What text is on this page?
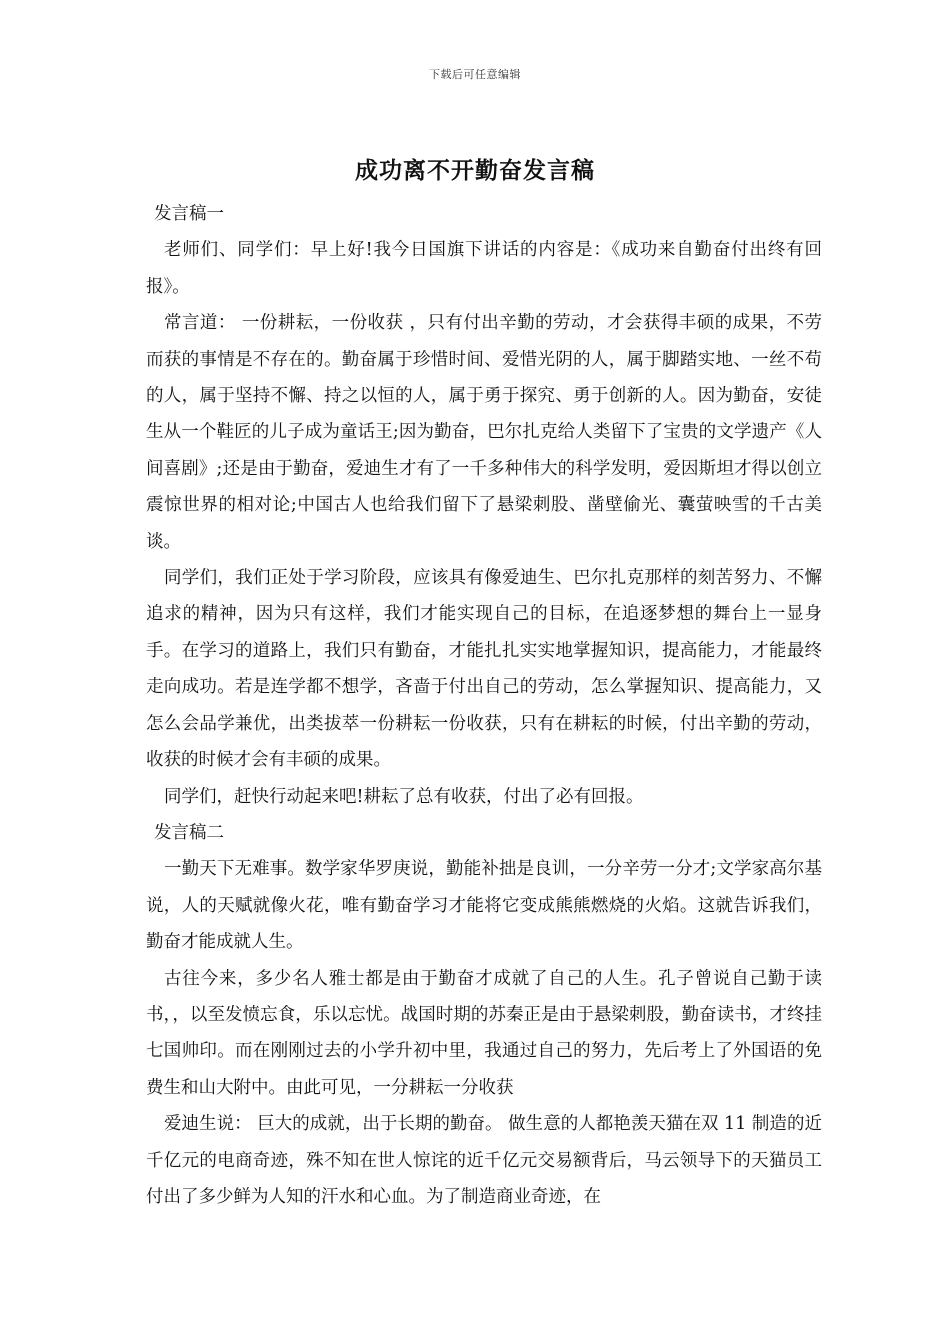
下载后可任意编辑
成功离不开勤奋发言稿

发言稿一

老师们、同学们：早上好!我今日国旗下讲话的内容是：《成功来自勤奋付出终有回报》。

常言道： 一份耕耘，一份收获 ，只有付出辛勤的劳动，才会获得丰硕的成果，不劳而获的事情是不存在的。勤奋属于珍惜时间、爱惜光阴的人，属于脚踏实地、一丝不苟的人，属于坚持不懈、持之以恒的人，属于勇于探究、勇于创新的人。因为勤奋，安徒生从一个鞋匠的儿子成为童话王;因为勤奋，巴尔扎克给人类留下了宝贵的文学遗产《人间喜剧》;还是由于勤奋，爱迪生才有了一千多种伟大的科学发明，爱因斯坦才得以创立震惊世界的相对论;中国古人也给我们留下了悬梁刺股、凿壁偷光、囊萤映雪的千古美谈。

同学们，我们正处于学习阶段，应该具有像爱迪生、巴尔扎克那样的刻苦努力、不懈追求的精神，因为只有这样，我们才能实现自己的目标，在追逐梦想的舞台上一显身手。在学习的道路上，我们只有勤奋，才能扎扎实实地掌握知识，提高能力，才能最终走向成功。若是连学都不想学，吝啬于付出自己的劳动，怎么掌握知识、提高能力，又怎么会品学兼优，出类拔萃一份耕耘一份收获，只有在耕耘的时候，付出辛勤的劳动，收获的时候才会有丰硕的成果。

同学们，赶快行动起来吧!耕耘了总有收获，付出了必有回报。

发言稿二

一勤天下无难事。数学家华罗庚说，勤能补拙是良训，一分辛劳一分才;文学家高尔基说，人的天赋就像火花，唯有勤奋学习才能将它变成熊熊燃烧的火焰。这就告诉我们，勤奋才能成就人生。

古往今来，多少名人雅士都是由于勤奋才成就了自己的人生。孔子曾说自己勤于读书，，以至发愤忘食，乐以忘忧。战国时期的苏秦正是由于悬梁刺股，勤奋读书，才终挂七国帅印。而在刚刚过去的小学升初中里，我通过自己的努力，先后考上了外国语的免费生和山大附中。由此可见，一分耕耘一分收获

爱迪生说： 巨大的成就，出于长期的勤奋。 做生意的人都艳羡天猫在双 11 制造的近千亿元的电商奇迹，殊不知在世人惊诧的近千亿元交易额背后，马云领导下的天猫员工付出了多少鲜为人知的汗水和心血。为了制造商业奇迹，在
